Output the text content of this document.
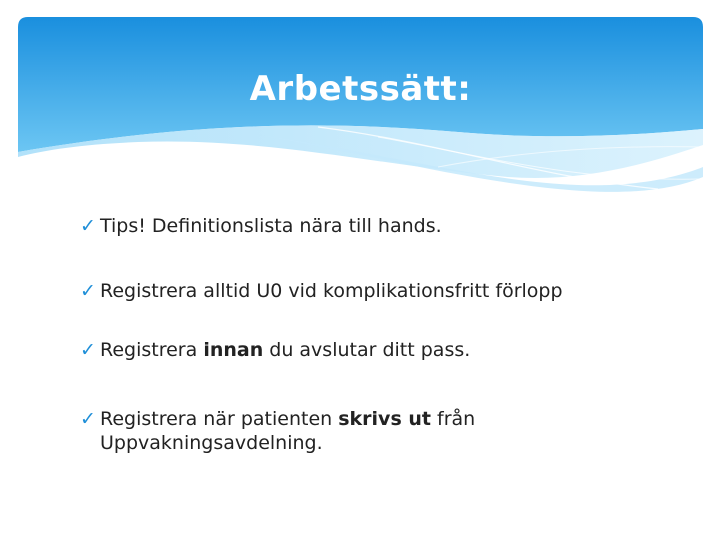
Arbetssätt:
✓ Tips! Definitionslista nära till hands.
✓ Registrera alltid U0 vid komplikationsfritt förlopp
✓ Registrera innan du avslutar ditt pass.
✓ Registrera när patienten skrivs ut från Uppvakningsavdelning.
